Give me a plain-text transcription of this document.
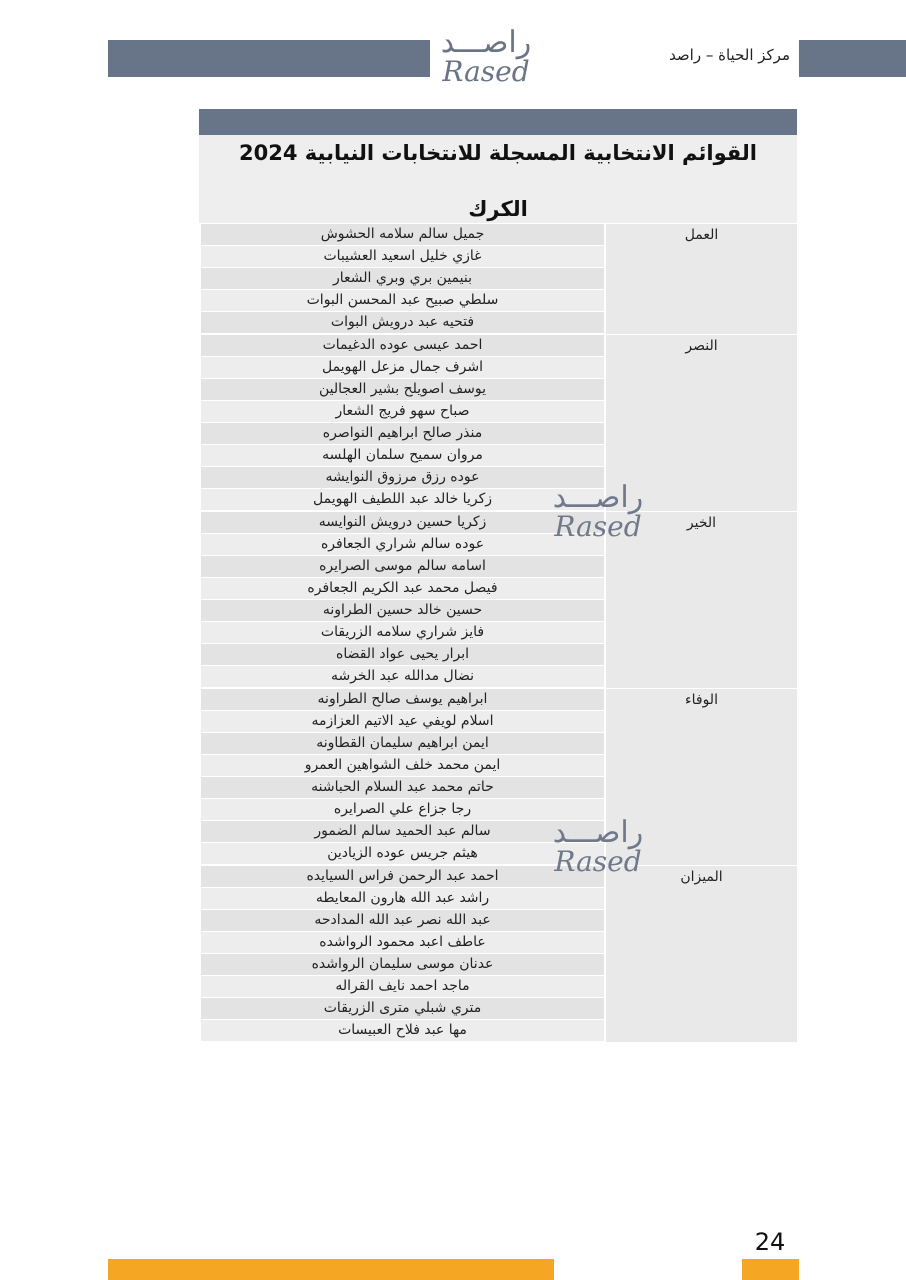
راصـــد
Rased	مركز الحياة – راصد
القوائم الانتخابية المسجلة للانتخابات النيابية 2024
الكرك
العمل
جميل سالم سلامه الحشوش
غازي خليل اسعيد العشيبات
بنيمين بري وبري الشعار
سلطي صبيح عبد المحسن البوات
فتحيه عبد درويش البوات
النصر
احمد عيسى عوده الدغيمات
اشرف جمال مزعل الهويمل
يوسف اصويلح بشير العجالين
صباح سهو فريج الشعار
منذر صالح ابراهيم النواصره
مروان سميح سلمان الهلسه
عوده رزق مرزوق النوايشه
زكريا خالد عبد اللطيف الهويمل
الخير
زكريا حسين درويش النوايسه
عوده سالم شراري الجعافره
اسامه سالم موسى الصرايره
فيصل محمد عبد الكريم الجعافره
حسين خالد حسين الطراونه
فايز شراري سلامه الزريقات
ابرار يحيى عواد القضاه
نضال مدالله عبد الخرشه
الوفاء
ابراهيم يوسف صالح الطراونه
اسلام لويفي عيد الاتيم العزازمه
ايمن ابراهيم سليمان القطاونه
ايمن محمد خلف الشواهين العمرو
حاتم محمد عبد السلام الحباشنه
رجا جزاع علي الصرايره
سالم عبد الحميد سالم الضمور
هيثم جريس عوده الزيادين
الميزان
احمد عبد الرحمن فراس السيايده
راشد عبد الله هارون المعايطه
عبد الله نصر عبد الله المدادحه
عاطف اعبد محمود الرواشده
عدنان موسى سليمان الرواشده
ماجد احمد نايف القراله
متري شبلي مترى الزريقات
مها عبد فلاح العبيسات
راصـــد
Rased
راصـــد
Rased
24
